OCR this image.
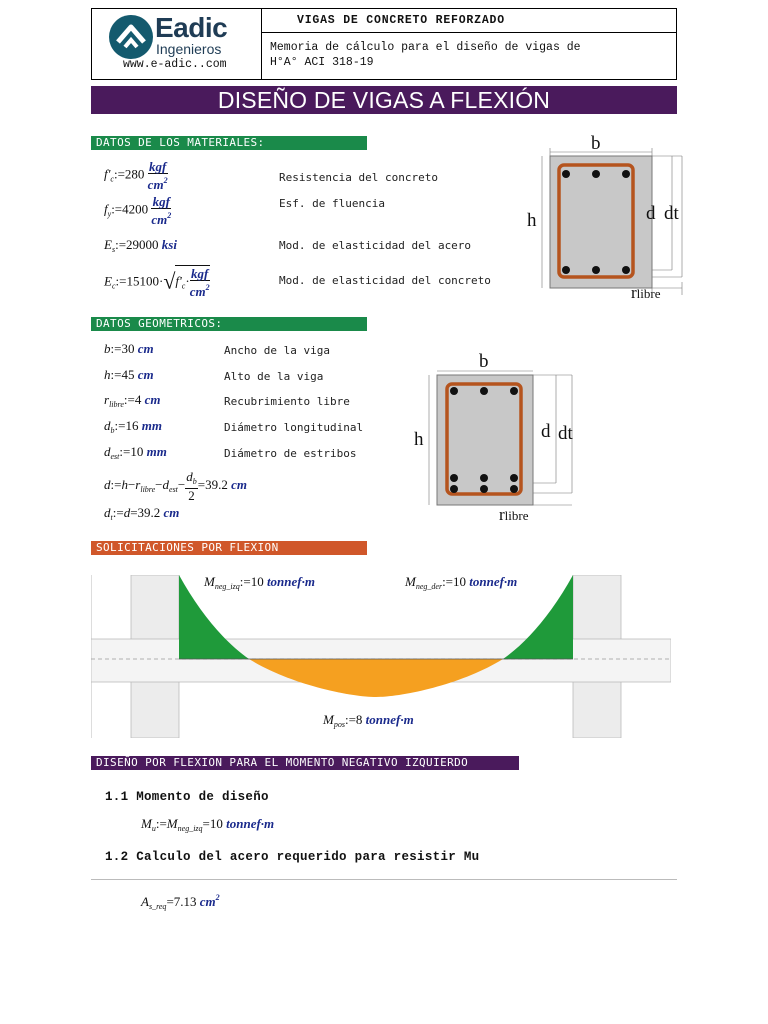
Eadic
Ingenieros
www.e-adic..com
VIGAS DE CONCRETO REFORZADO
Memoria de cálculo para el diseño de vigas de
H°A° ACI 318-19
DISEÑO DE VIGAS A FLEXIÓN
DATOS DE LOS MATERIALES:
$f'_c:=280 \frac{\text{kgf}}{cm^2}$	Resistencia del concreto
$f_y:=4200 \frac{\text{kgf}}{cm^2}$	Esf. de fluencia
$E_s:=29000$ ksi	Mod. de elasticidad del acero
$E_c:=15100\cdot√f'_c\cdot \frac{\text{kgf}}{cm^2}$	Mod. de elasticidad del concreto
b
h	d dt
rlibre
DATOS GEOMETRICOS:
b:=30 cm	Ancho de la viga
h:=45 cm	Alto de la viga
$r_{libre}:=4$ cm	Recubrimiento libre
$d_b:=16$ mm	Diámetro longitudinal
$d_{est}:=10$ mm	Diámetro de estribos
$d:=h-r_{libre}-d_{est}- \frac{d_b}{2} =39.2$ cm
$d_t:=d=39.2$ cm
b
h	d dt
rlibre
SOLICITACIONES POR FLEXION
$M_{neg\_izq}:=10$ tonnef·m	$M_{neg\_der}:=10$ tonnef·m
$M_{pos}:=8$ tonnef·m
DISEÑO POR FLEXION PARA EL MOMENTO NEGATIVO IZQUIERDO
1.1 Momento de diseño
$M_u:=M_{neg\_izq}=10$ tonnef·m
1.2 Calculo del acero requerido para resistir Mu
$A_{s\_req}=7.13$ $cm^2$
